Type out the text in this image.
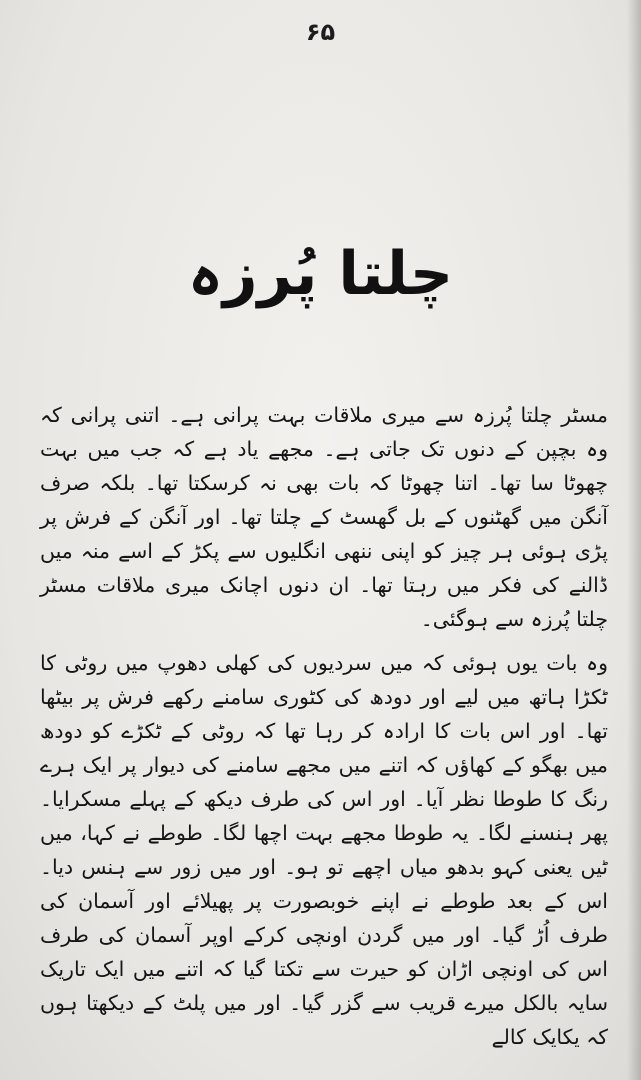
۶۵
چلتا پُرزہ

مسٹر چلتا پُرزہ سے میری ملاقات بہت پرانی ہے۔ اتنی پرانی کہ وہ بچپن کے دنوں تک جاتی ہے۔ مجھے یاد ہے کہ جب میں بہت چھوٹا سا تھا۔ اتنا چھوٹا کہ بات بھی نہ کرسکتا تھا۔ بلکہ صرف آنگن میں گھٹنوں کے بل گھسٹ کے چلتا تھا۔ اور آنگن کے فرش پر پڑی ہوئی ہر چیز کو اپنی ننھی انگلیوں سے پکڑ کے اسے منہ میں ڈالنے کی فکر میں رہتا تھا۔ ان دنوں اچانک میری ملاقات مسٹر چلتا پُرزہ سے ہوگئی۔

وہ بات یوں ہوئی کہ میں سردیوں کی کھلی دھوپ میں روٹی کا ٹکڑا ہاتھ میں لیے اور دودھ کی کٹوری سامنے رکھے فرش پر بیٹھا تھا۔ اور اس بات کا ارادہ کر رہا تھا کہ روٹی کے ٹکڑے کو دودھ میں بھگو کے کھاؤں کہ اتنے میں مجھے سامنے کی دیوار پر ایک ہرے رنگ کا طوطا نظر آیا۔ اور اس کی طرف دیکھ کے پہلے مسکرایا۔ پھر ہنسنے لگا۔ یہ طوطا مجھے بہت اچھا لگا۔ طوطے نے کہا، میں ٹیں یعنی کہو بدھو میاں اچھے تو ہو۔ اور میں زور سے ہنس دیا۔ اس کے بعد طوطے نے اپنے خوبصورت پر پھیلائے اور آسمان کی طرف اُڑ گیا۔ اور میں گردن اونچی کرکے اوپر آسمان کی طرف اس کی اونچی اڑان کو حیرت سے تکتا گیا کہ اتنے میں ایک تاریک سایہ بالکل میرے قریب سے گزر گیا۔ اور میں پلٹ کے دیکھتا ہوں کہ یکایک کالے
